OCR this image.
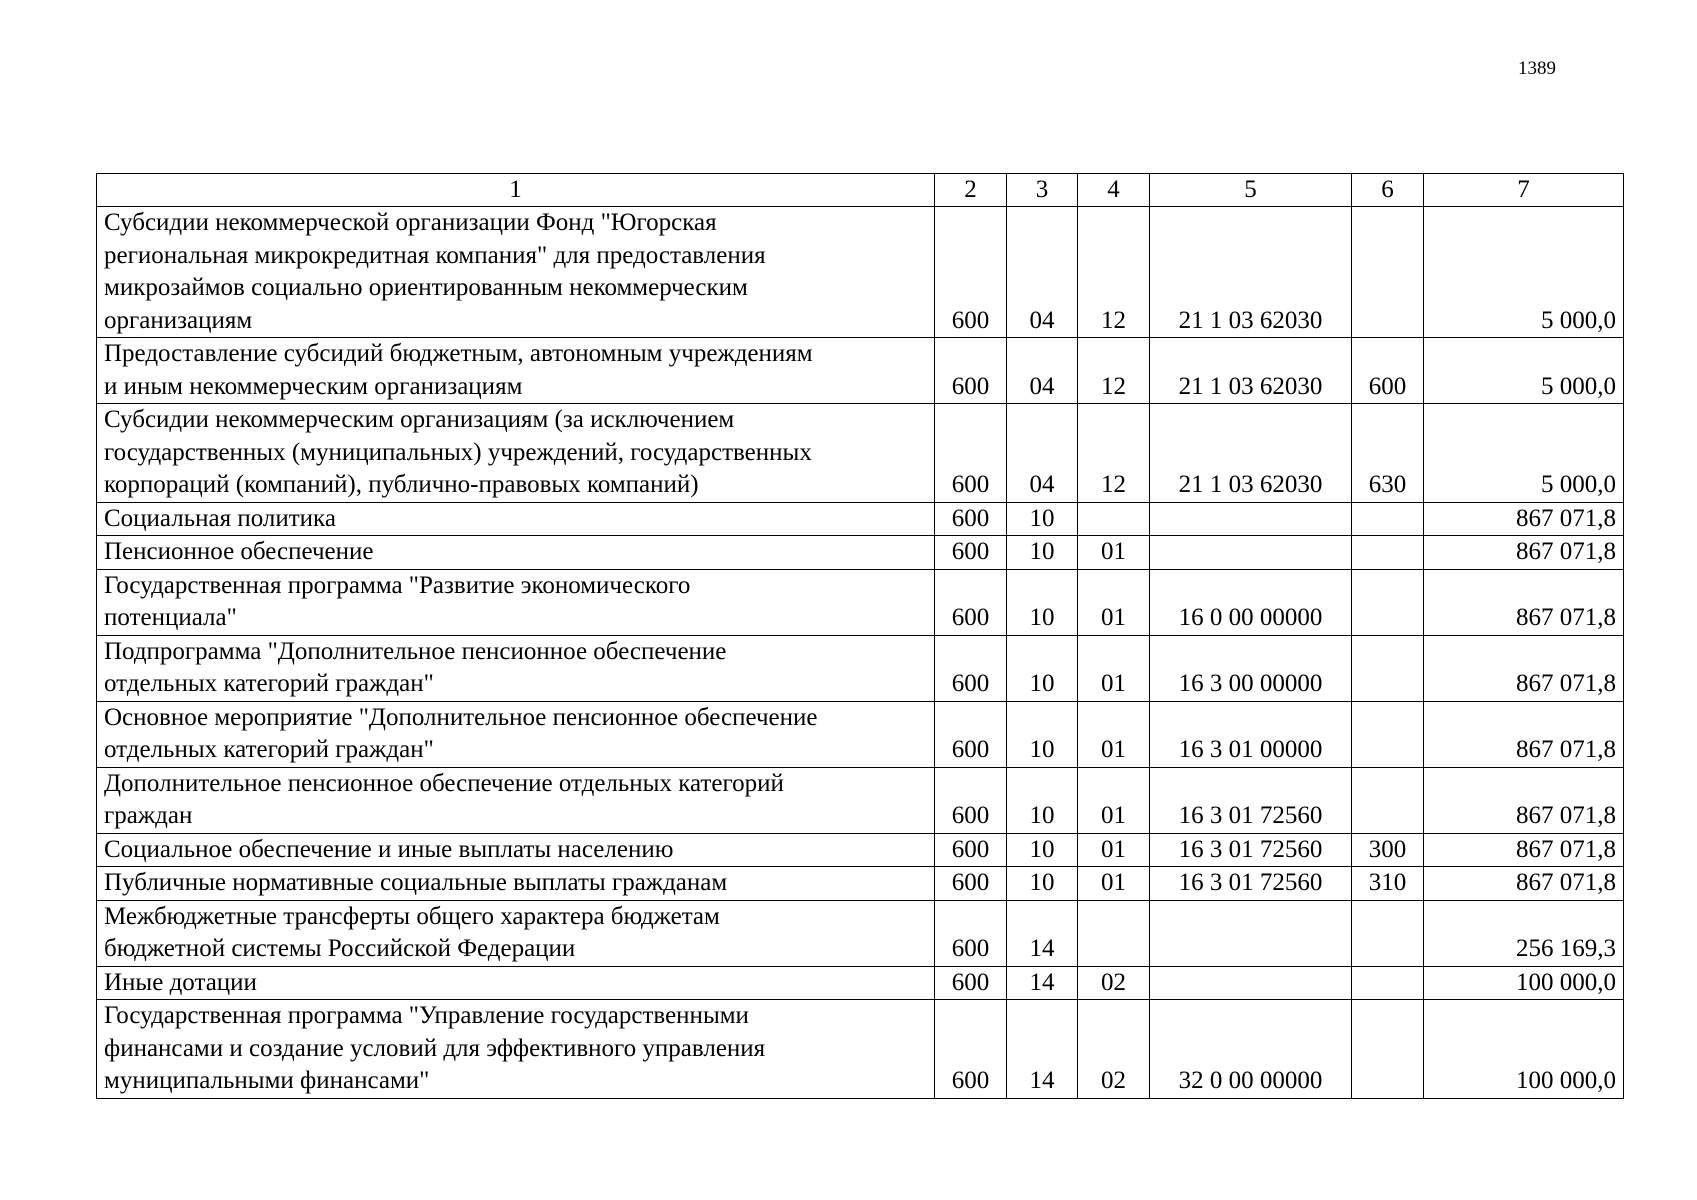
1389
1	2	3	4	5	6	7
Субсидии некоммерческой организации Фонд "Югорская
региональная микрокредитная компания" для предоставления
микрозаймов социально ориентированным некоммерческим
организациям	600	04	12	21 1 03 62030		5 000,0
Предоставление субсидий бюджетным, автономным учреждениям
и иным некоммерческим организациям	600	04	12	21 1 03 62030	600	5 000,0
Субсидии некоммерческим организациям (за исключением
государственных (муниципальных) учреждений, государственных
корпораций (компаний), публично-правовых компаний)	600	04	12	21 1 03 62030	630	5 000,0
Социальная политика	600	10				867 071,8
Пенсионное обеспечение	600	10	01			867 071,8
Государственная программа "Развитие экономического
потенциала"	600	10	01	16 0 00 00000		867 071,8
Подпрограмма "Дополнительное пенсионное обеспечение
отдельных категорий граждан"	600	10	01	16 3 00 00000		867 071,8
Основное мероприятие "Дополнительное пенсионное обеспечение
отдельных категорий граждан"	600	10	01	16 3 01 00000		867 071,8
Дополнительное пенсионное обеспечение отдельных категорий
граждан	600	10	01	16 3 01 72560		867 071,8
Социальное обеспечение и иные выплаты населению	600	10	01	16 3 01 72560	300	867 071,8
Публичные нормативные социальные выплаты гражданам	600	10	01	16 3 01 72560	310	867 071,8
Межбюджетные трансферты общего характера бюджетам
бюджетной системы Российской Федерации	600	14				256 169,3
Иные дотации	600	14	02			100 000,0
Государственная программа "Управление государственными
финансами и создание условий для эффективного управления
муниципальными финансами"	600	14	02	32 0 00 00000		100 000,0
